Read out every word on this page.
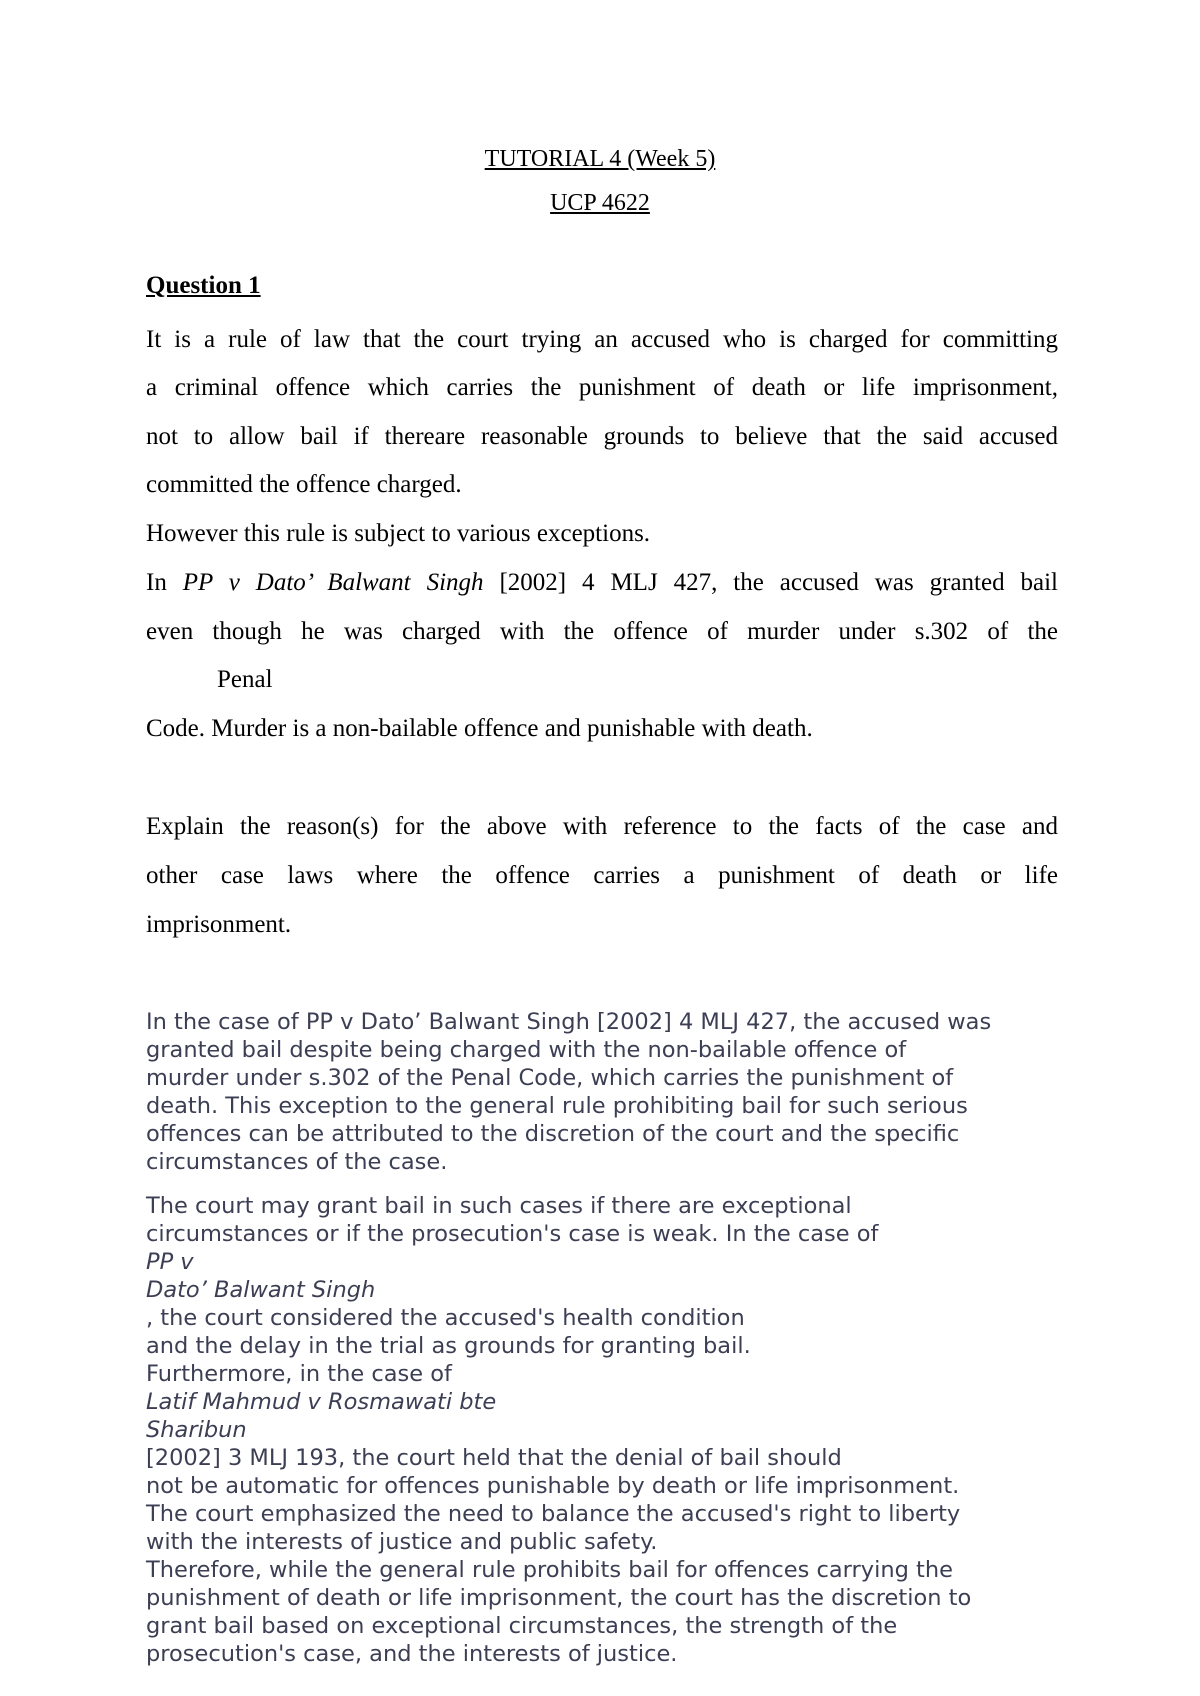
TUTORIAL 4 (Week 5)
UCP 4622
Question 1
It is a rule of law that the court trying an accused who is charged for committing
a criminal offence which carries the punishment of death or life imprisonment,
not to allow bail if thereare reasonable grounds to believe that the said accused
committed the offence charged.
However this rule is subject to various exceptions.
In PP v Dato’ Balwant Singh [2002] 4 MLJ 427, the accused was granted bail
even though he was charged with the offence of murder under s.302 of the
Penal
Code. Murder is a non-bailable offence and punishable with death.
Explain the reason(s) for the above with reference to the facts of the case and
other case laws where the offence carries a punishment of death or life
imprisonment.
In the case of PP v Dato’ Balwant Singh [2002] 4 MLJ 427, the accused was
granted bail despite being charged with the non-bailable offence of
murder under s.302 of the Penal Code, which carries the punishment of
death. This exception to the general rule prohibiting bail for such serious
offences can be attributed to the discretion of the court and the specific
circumstances of the case.
The court may grant bail in such cases if there are exceptional
circumstances or if the prosecution's case is weak. In the case of
PP v
Dato’ Balwant Singh
, the court considered the accused's health condition
and the delay in the trial as grounds for granting bail.
Furthermore, in the case of
Latif Mahmud v Rosmawati bte
Sharibun
[2002] 3 MLJ 193, the court held that the denial of bail should
not be automatic for offences punishable by death or life imprisonment.
The court emphasized the need to balance the accused's right to liberty
with the interests of justice and public safety.
Therefore, while the general rule prohibits bail for offences carrying the
punishment of death or life imprisonment, the court has the discretion to
grant bail based on exceptional circumstances, the strength of the
prosecution's case, and the interests of justice.
